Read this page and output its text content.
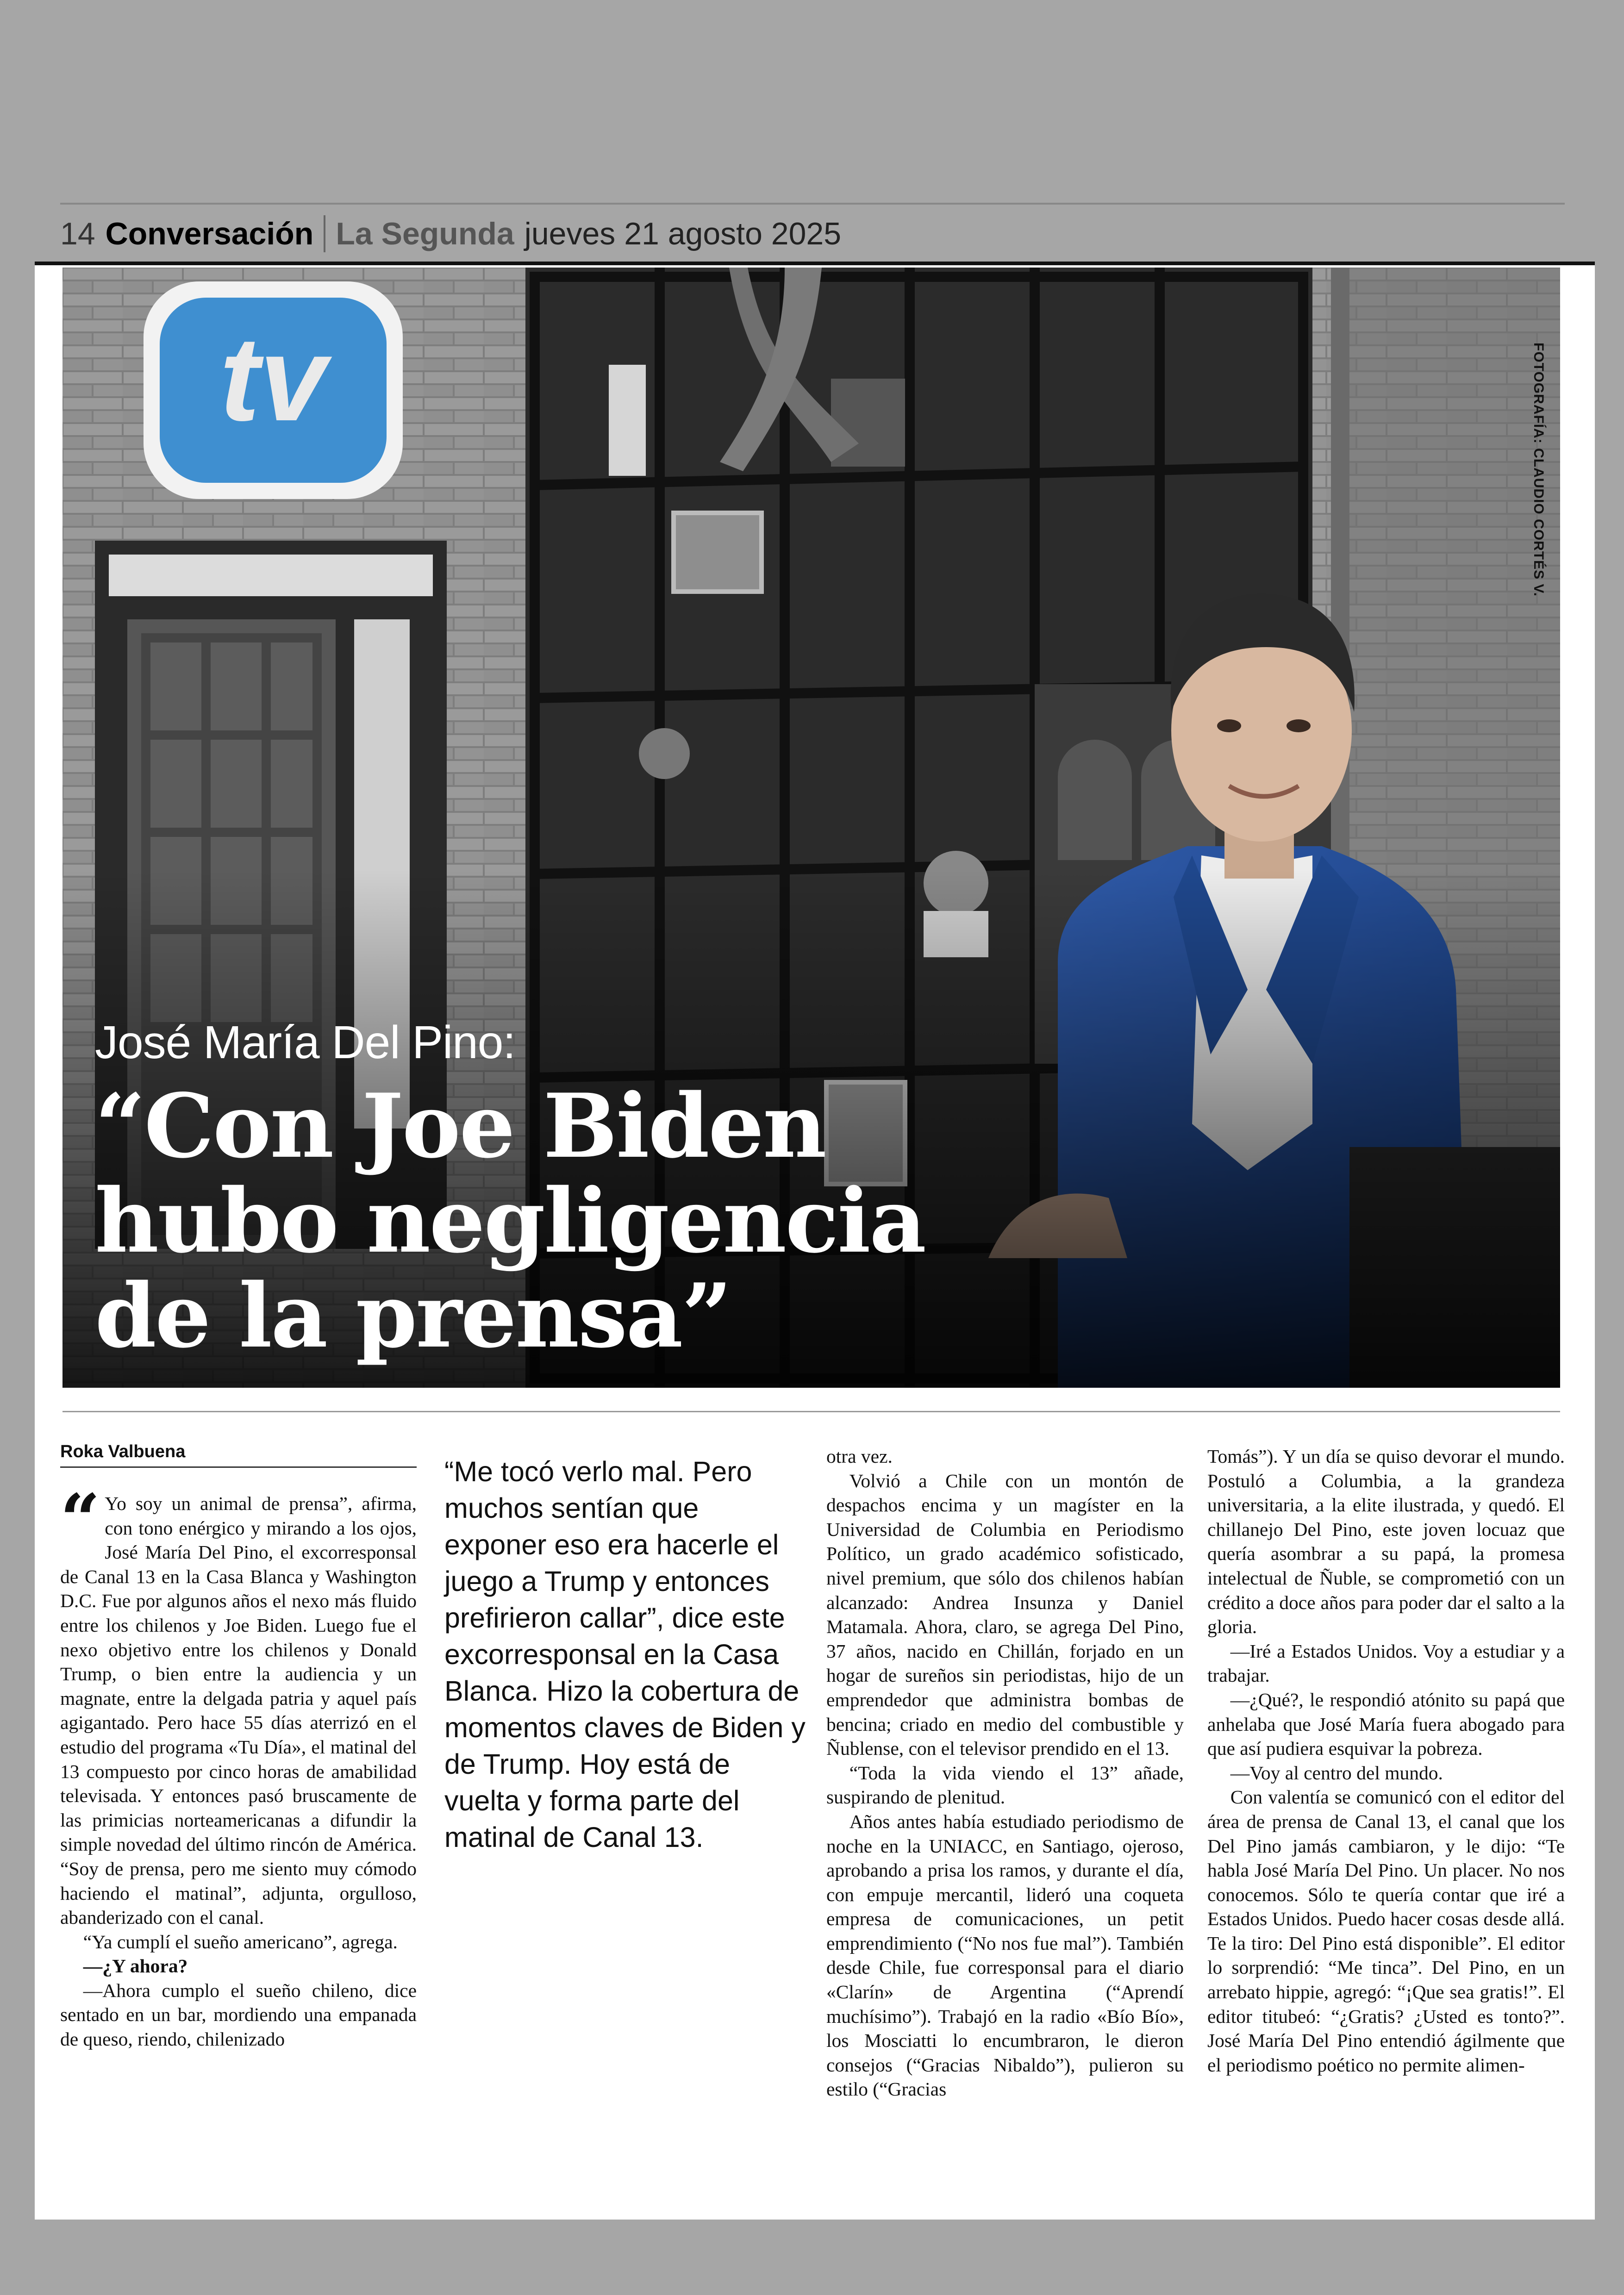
14 Conversación La Segunda jueves 21 agosto 2025
tv	FOTOGRAFÍA: CLAUDIO CORTÉS V.
José María Del Pino:
“Con Joe Biden
hubo negligencia
de la prensa”
Roka Valbuena
“ Yo soy un animal de prensa”, afirma, con tono enérgico y mirando a los ojos, José María Del Pino, el excorresponsal de Canal 13 en la Casa Blanca y Washington D.C. Fue por algunos años el nexo más fluido entre los chilenos y Joe Biden. Luego fue el nexo objetivo entre los chilenos y Donald Trump, o bien entre la audiencia y un magnate, entre la delgada patria y aquel país agigantado. Pero hace 55 días aterrizó en el estudio del programa «Tu Día», el matinal del 13 compuesto por cinco horas de amabilidad televisada. Y entonces pasó bruscamente de las primicias norteamericanas a difundir la simple novedad del último rincón de América. “Soy de prensa, pero me siento muy cómodo haciendo el matinal”, adjunta, orgulloso, abanderizado con el canal.

“Ya cumplí el sueño americano”, agrega.

—¿Y ahora?

—Ahora cumplo el sueño chileno, dice sentado en un bar, mordiendo una empanada de queso, riendo, chilenizado

“Me tocó verlo mal. Pero muchos sentían que exponer eso era hacerle el juego a Trump y entonces prefirieron callar”, dice este excorresponsal en la Casa Blanca. Hizo la cobertura de momentos claves de Biden y de Trump. Hoy está de vuelta y forma parte del matinal de Canal 13.

otra vez.

Volvió a Chile con un montón de despachos encima y un magíster en la Universidad de Columbia en Periodismo Político, un grado académico sofisticado, nivel premium, que sólo dos chilenos habían alcanzado: Andrea Insunza y Daniel Matamala. Ahora, claro, se agrega Del Pino, 37 años, nacido en Chillán, forjado en un hogar de sureños sin periodistas, hijo de un emprendedor que administra bombas de bencina; criado en medio del combustible y Ñublense, con el televisor prendido en el 13.

“Toda la vida viendo el 13” añade, suspirando de plenitud.

Años antes había estudiado periodismo de noche en la UNIACC, en Santiago, ojeroso, aprobando a prisa los ramos, y durante el día, con empuje mercantil, lideró una coqueta empresa de comunicaciones, un petit emprendimiento (“No nos fue mal”). También desde Chile, fue corresponsal para el diario «Clarín» de Argentina (“Aprendí muchísimo”). Trabajó en la radio «Bío Bío», los Mosciatti lo encumbraron, le dieron consejos (“Gracias Nibaldo”), pulieron su estilo (“Gracias

Tomás”). Y un día se quiso devorar el mundo. Postuló a Columbia, a la grandeza universitaria, a la elite ilustrada, y quedó. El chillanejo Del Pino, este joven locuaz que quería asombrar a su papá, la promesa intelectual de Ñuble, se comprometió con un crédito a doce años para poder dar el salto a la gloria.

—Iré a Estados Unidos. Voy a estudiar y a trabajar.

—¿Qué?, le respondió atónito su papá que anhelaba que José María fuera abogado para que así pudiera esquivar la pobreza.

—Voy al centro del mundo.

Con valentía se comunicó con el editor del área de prensa de Canal 13, el canal que los Del Pino jamás cambiaron, y le dijo: “Te habla José María Del Pino. Un placer. No nos conocemos. Sólo te quería contar que iré a Estados Unidos. Puedo hacer cosas desde allá. Te la tiro: Del Pino está disponible”. El editor lo sorprendió: “Me tinca”. Del Pino, en un arrebato hippie, agregó: “¡Que sea gratis!”. El editor titubeó: “¿Gratis? ¿Usted es tonto?”. José María Del Pino entendió ágilmente que el periodismo poético no permite alimen-
